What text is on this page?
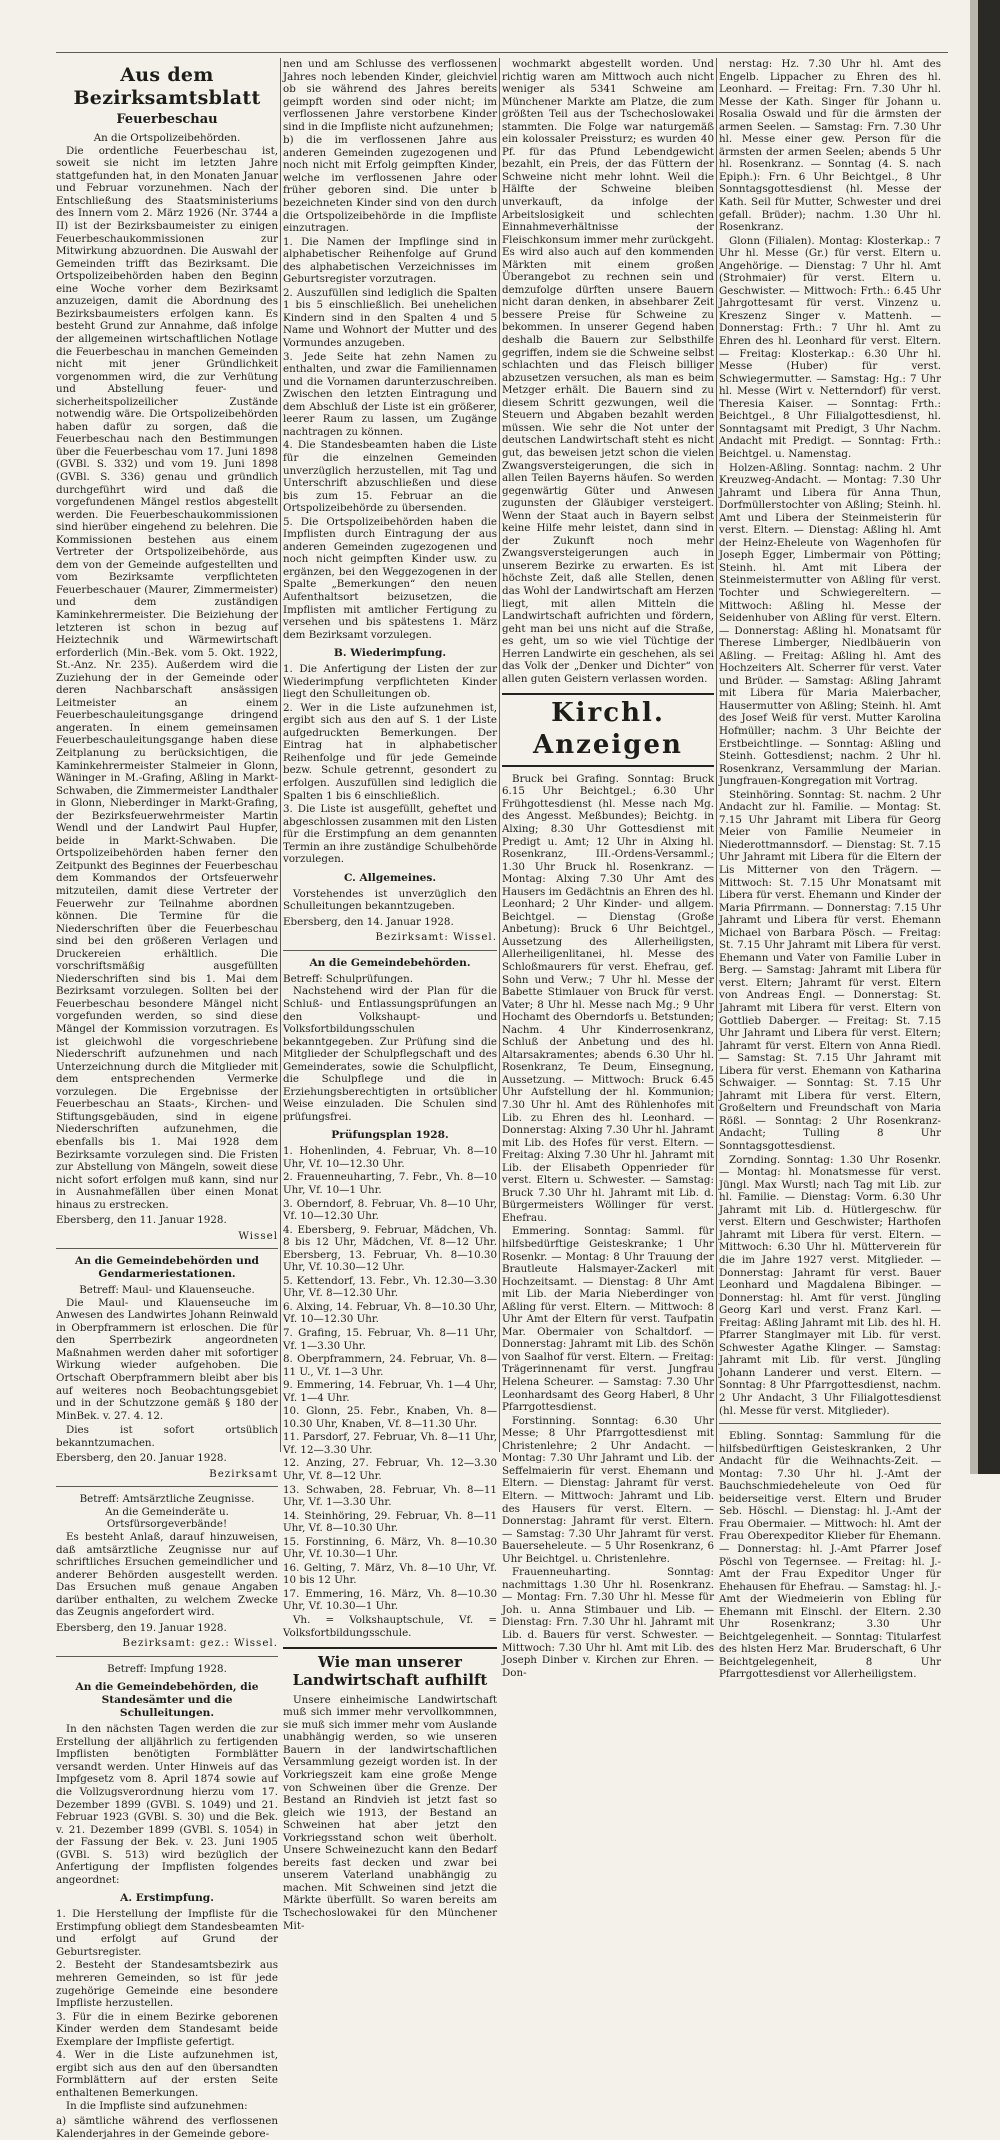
Aus dem Bezirksamtsblatt
Feuerbeschau
An die Ortspolizeibehörden.

Die ordentliche Feuerbeschau ist, soweit sie nicht im letzten Jahre stattgefunden hat, in den Monaten Januar und Februar vorzunehmen. Nach der Entschließung des Staatsministeriums des Innern vom 2. März 1926 (Nr. 3744 a II) ist der Bezirksbaumeister zu einigen Feuerbeschaukommissionen zur Mitwirkung abzuordnen. Die Auswahl der Gemeinden trifft das Bezirksamt. Die Ortspolizeibehörden haben den Beginn eine Woche vorher dem Bezirksamt anzuzeigen, damit die Abordnung des Bezirksbaumeisters erfolgen kann. Es besteht Grund zur Annahme, daß infolge der allgemeinen wirtschaftlichen Notlage die Feuerbeschau in manchen Gemeinden nicht mit jener Gründlichkeit vorgenommen wird, die zur Verhütung und Abstellung feuer- und sicherheitspolizeilicher Zustände notwendig wäre. Die Ortspolizeibehörden haben dafür zu sorgen, daß die Feuerbeschau nach den Bestimmungen über die Feuerbeschau vom 17. Juni 1898 (GVBl. S. 332) und vom 19. Juni 1898 (GVBl. S. 336) genau und gründlich durchgeführt wird und daß die vorgefundenen Mängel restlos abgestellt werden. Die Feuerbeschaukommissionen sind hierüber eingehend zu belehren. Die Kommissionen bestehen aus einem Vertreter der Ortspolizeibehörde, aus dem von der Gemeinde aufgestellten und vom Bezirksamte verpflichteten Feuerbeschauer (Maurer, Zimmermeister) und dem zuständigen Kaminkehrermeister. Die Beiziehung der letzteren ist schon in bezug auf Heiztechnik und Wärmewirtschaft erforderlich (Min.-Bek. vom 5. Okt. 1922, St.-Anz. Nr. 235). Außerdem wird die Zuziehung der in der Gemeinde oder deren Nachbarschaft ansässigen Leitmeister an einem Feuerbeschauleitungsgange dringend angeraten. In einem gemeinsamen Feuerbeschauleitungsgange haben diese Zeitplanung zu berücksichtigen, die Kaminkehrermeister Stalmeier in Glonn, Wäninger in M.-Grafing, Aßling in Markt-Schwaben, die Zimmermeister Landthaler in Glonn, Nieberdinger in Markt-Grafing, der Bezirksfeuerwehrmeister Martin Wendl und der Landwirt Paul Hupfer, beide in Markt-Schwaben. Die Ortspolizeibehörden haben ferner den Zeitpunkt des Beginnes der Feuerbeschau dem Kommandos der Ortsfeuerwehr mitzuteilen, damit diese Vertreter der Feuerwehr zur Teilnahme abordnen können. Die Termine für die Niederschriften über die Feuerbeschau sind bei den größeren Verlagen und Druckereien erhältlich. Die vorschriftsmäßig ausgefüllten Niederschriften sind bis 1. Mai dem Bezirksamt vorzulegen. Sollten bei der Feuerbeschau besondere Mängel nicht vorgefunden werden, so sind diese Mängel der Kommission vorzutragen. Es ist gleichwohl die vorgeschriebene Niederschrift aufzunehmen und nach Unterzeichnung durch die Mitglieder mit dem entsprechenden Vermerke vorzulegen. Die Ergebnisse der Feuerbeschau an Staats-, Kirchen- und Stiftungsgebäuden, sind in eigene Niederschriften aufzunehmen, die ebenfalls bis 1. Mai 1928 dem Bezirksamte vorzulegen sind. Die Fristen zur Abstellung von Mängeln, soweit diese nicht sofort erfolgen muß kann, sind nur in Ausnahmefällen über einen Monat hinaus zu erstrecken.

Ebersberg, den 11. Januar 1928.
Wissel
An die Gemeindebehörden und Gendarmeriestationen.
Betreff: Maul- und Klauenseuche.

Die Maul- und Klauenseuche im Anwesen des Landwirtes Johann Reinwald in Oberpframmern ist erloschen. Die für den Sperrbezirk angeordneten Maßnahmen werden daher mit sofortiger Wirkung wieder aufgehoben. Die Ortschaft Oberpframmern bleibt aber bis auf weiteres noch Beobachtungsgebiet und in der Schutzzone gemäß § 180 der MinBek. v. 27. 4. 12.

Dies ist sofort ortsüblich bekanntzumachen.

Ebersberg, den 20. Januar 1928.
Bezirksamt
Betreff: Amtsärztliche Zeugnisse.
An die Gemeinderäte u. Ortsfürsorgeverbände!

Es besteht Anlaß, darauf hinzuweisen, daß amtsärztliche Zeugnisse nur auf schriftliches Ersuchen gemeindlicher und anderer Behörden ausgestellt werden. Das Ersuchen muß genaue Angaben darüber enthalten, zu welchem Zwecke das Zeugnis angefordert wird.

Ebersberg, den 19. Januar 1928.
Bezirksamt: gez.: Wissel.
Betreff: Impfung 1928.
An die Gemeindebehörden, die Standesämter und die Schulleitungen.

In den nächsten Tagen werden die zur Erstellung der alljährlich zu fertigenden Impflisten benötigten Formblätter versandt werden. Unter Hinweis auf das Impfgesetz vom 8. April 1874 sowie auf die Vollzugsverordnung hierzu vom 17. Dezember 1899 (GVBl. S. 1049) und 21. Februar 1923 (GVBl. S. 30) und die Bek. v. 21. Dezember 1899 (GVBl. S. 1054) in der Fassung der Bek. v. 23. Juni 1905 (GVBl. S. 513) wird bezüglich der Anfertigung der Impflisten folgendes angeordnet:

A. Erstimpfung.
1. Die Herstellung der Impfliste für die Erstimpfung obliegt dem Standesbeamten und erfolgt auf Grund der Geburtsregister.
2. Besteht der Standesamtsbezirk aus mehreren Gemeinden, so ist für jede zugehörige Gemeinde eine besondere Impfliste herzustellen.
3. Für die in einem Bezirke geborenen Kinder werden dem Standesamt beide Exemplare der Impfliste gefertigt.
4. Wer in die Liste aufzunehmen ist, ergibt sich aus den auf den übersandten Formblättern auf der ersten Seite enthaltenen Bemerkungen.

In die Impfliste sind aufzunehmen:

a) sämtliche während des verflossenen Kalenderjahres in der Gemeinde gebore-
nen und am Schlusse des verflossenen Jahres noch lebenden Kinder, gleichviel ob sie während des Jahres bereits geimpft worden sind oder nicht; im verflossenen Jahre verstorbene Kinder sind in die Impfliste nicht aufzunehmen;
b) die im verflossenen Jahre aus anderen Gemeinden zugezogenen und noch nicht mit Erfolg geimpften Kinder, welche im verflossenen Jahre oder früher geboren sind. Die unter b bezeichneten Kinder sind von den durch die Ortspolizeibehörde in die Impfliste einzutragen.
1. Die Namen der Impflinge sind in alphabetischer Reihenfolge auf Grund des alphabetischen Verzeichnisses im Geburtsregister vorzutragen.
2. Auszufüllen sind lediglich die Spalten 1 bis 5 einschließlich. Bei unehelichen Kindern sind in den Spalten 4 und 5 Name und Wohnort der Mutter und des Vormundes anzugeben.
3. Jede Seite hat zehn Namen zu enthalten, und zwar die Familiennamen und die Vornamen darunterzuschreiben. Zwischen den letzten Eintragung und dem Abschluß der Liste ist ein größerer, leerer Raum zu lassen, um Zugänge nachtragen zu können.
4. Die Standesbeamten haben die Liste für die einzelnen Gemeinden unverzüglich herzustellen, mit Tag und Unterschrift abzuschließen und diese bis zum 15. Februar an die Ortspolizeibehörde zu übersenden.
5. Die Ortspolizeibehörden haben die Impflisten durch Eintragung der aus anderen Gemeinden zugezogenen und noch nicht geimpften Kinder usw. zu ergänzen, bei den Weggezogenen in der Spalte „Bemerkungen“ den neuen Aufenthaltsort beizusetzen, die Impflisten mit amtlicher Fertigung zu versehen und bis spätestens 1. März dem Bezirksamt vorzulegen.
B. Wiederimpfung.
1. Die Anfertigung der Listen der zur Wiederimpfung verpflichteten Kinder liegt den Schulleitungen ob.
2. Wer in die Liste aufzunehmen ist, ergibt sich aus den auf S. 1 der Liste aufgedruckten Bemerkungen. Der Eintrag hat in alphabetischer Reihenfolge und für jede Gemeinde bezw. Schule getrennt, gesondert zu erfolgen. Auszufüllen sind lediglich die Spalten 1 bis 6 einschließlich.
3. Die Liste ist ausgefüllt, geheftet und abgeschlossen zusammen mit den Listen für die Erstimpfung an dem genannten Termin an ihre zuständige Schulbehörde vorzulegen.
C. Allgemeines.

Vorstehendes ist unverzüglich den Schulleitungen bekanntzugeben.

Ebersberg, den 14. Januar 1928.
Bezirksamt: Wissel.
An die Gemeindebehörden.
Betreff: Schulprüfungen.

Nachstehend wird der Plan für die Schluß- und Entlassungsprüfungen an den Volkshaupt- und Volksfortbildungsschulen bekanntgegeben. Zur Prüfung sind die Mitglieder der Schulpflegschaft und des Gemeinderates, sowie die Schulpflicht, die Schulpflege und die in Erziehungsberechtigten in ortsüblicher Weise einzuladen. Die Schulen sind prüfungsfrei.

Prüfungsplan 1928.
1. Hohenlinden, 4. Februar, Vh. 8—10 Uhr, Vf. 10—12.30 Uhr.
2. Frauenneuharting, 7. Febr., Vh. 8—10 Uhr, Vf. 10—1 Uhr.
3. Oberndorf, 8. Februar, Vh. 8—10 Uhr, Vf. 10—12.30 Uhr.
4. Ebersberg, 9. Februar, Mädchen, Vh. 8 bis 12 Uhr, Mädchen, Vf. 8—12 Uhr. Ebersberg, 13. Februar, Vh. 8—10.30 Uhr, Vf. 10.30—12 Uhr.
5. Kettendorf, 13. Febr., Vh. 12.30—3.30 Uhr, Vf. 8—12.30 Uhr.
6. Alxing, 14. Februar, Vh. 8—10.30 Uhr, Vf. 10—12.30 Uhr.
7. Grafing, 15. Februar, Vh. 8—11 Uhr, Vf. 1—3.30 Uhr.
8. Oberpframmern, 24. Februar, Vh. 8—11 U., Vf. 1—3 Uhr.
9. Emmering, 14. Februar, Vh. 1—4 Uhr, Vf. 1—4 Uhr.
10. Glonn, 25. Febr., Knaben, Vh. 8—10.30 Uhr, Knaben, Vf. 8—11.30 Uhr.
11. Parsdorf, 27. Februar, Vh. 8—11 Uhr, Vf. 12—3.30 Uhr.
12. Anzing, 27. Februar, Vh. 12—3.30 Uhr, Vf. 8—12 Uhr.
13. Schwaben, 28. Februar, Vh. 8—11 Uhr, Vf. 1—3.30 Uhr.
14. Steinhöring, 29. Februar, Vh. 8—11 Uhr, Vf. 8—10.30 Uhr.
15. Forstinning, 6. März, Vh. 8—10.30 Uhr, Vf. 10.30—1 Uhr.
16. Gelting, 7. März, Vh. 8—10 Uhr, Vf. 10 bis 12 Uhr.
17. Emmering, 16. März, Vh. 8—10.30 Uhr, Vf. 10.30—1 Uhr.

Vh. = Volkshauptschule, Vf. = Volksfortbildungsschule.

Wie man unserer Landwirtschaft aufhilft

Unsere einheimische Landwirtschaft muß sich immer mehr vervollkommnen, sie muß sich immer mehr vom Auslande unabhängig werden, so wie unseren Bauern in der landwirtschaftlichen Versammlung gezeigt worden ist. In der Vorkriegszeit kam eine große Menge von Schweinen über die Grenze. Der Bestand an Rindvieh ist jetzt fast so gleich wie 1913, der Bestand an Schweinen hat aber jetzt den Vorkriegsstand schon weit überholt. Unsere Schweinezucht kann den Bedarf bereits fast decken und zwar bei unserem Vaterland unabhängig zu machen. Mit Schweinen sind jetzt die Märkte überfüllt. So waren bereits am Tschechoslowakei für den Münchener Mit-

wochmarkt abgestellt worden. Und richtig waren am Mittwoch auch nicht weniger als 5341 Schweine am Münchener Markte am Platze, die zum größten Teil aus der Tschechoslowakei stammten. Die Folge war naturgemäß ein kolossaler Preissturz; es wurden 40 Pf. für das Pfund Lebendgewicht bezahlt, ein Preis, der das Füttern der Schweine nicht mehr lohnt. Weil die Hälfte der Schweine bleiben unverkauft, da infolge der Arbeitslosigkeit und schlechten Einnahmeverhältnisse der Fleischkonsum immer mehr zurückgeht. Es wird also auch auf den kommenden Märkten mit einem großen Überangebot zu rechnen sein und demzufolge dürften unsere Bauern nicht daran denken, in absehbarer Zeit bessere Preise für Schweine zu bekommen. In unserer Gegend haben deshalb die Bauern zur Selbsthilfe gegriffen, indem sie die Schweine selbst schlachten und das Fleisch billiger abzusetzen versuchen, als man es beim Metzger erhält. Die Bauern sind zu diesem Schritt gezwungen, weil die Steuern und Abgaben bezahlt werden müssen. Wie sehr die Not unter der deutschen Landwirtschaft steht es nicht gut, das beweisen jetzt schon die vielen Zwangsversteigerungen, die sich in allen Teilen Bayerns häufen. So werden gegenwärtig Güter und Anwesen zugunsten der Gläubiger versteigert. Wenn der Staat auch in Bayern selbst keine Hilfe mehr leistet, dann sind in der Zukunft noch mehr Zwangsversteigerungen auch in unserem Bezirke zu erwarten. Es ist höchste Zeit, daß alle Stellen, denen das Wohl der Landwirtschaft am Herzen liegt, mit allen Mitteln die Landwirtschaft aufrichten und fördern, geht man bei uns nicht auf die Straße, es geht, um so wie viel Tüchtige der Herren Landwirte ein geschehen, als sei das Volk der „Denker und Dichter“ von allen guten Geistern verlassen worden.

Kirchl. Anzeigen

Bruck bei Grafing. Sonntag: Bruck 6.15 Uhr Beichtgel.; 6.30 Uhr Frühgottesdienst (hl. Messe nach Mg. des Angesst. Meßbundes); Beichtg. in Alxing; 8.30 Uhr Gottesdienst mit Predigt u. Amt; 12 Uhr in Alxing hl. Rosenkranz, III.-Ordens-Versamml.; 1.30 Uhr Bruck hl. Rosenkranz. — Montag: Alxing 7.30 Uhr Amt des Hausers im Gedächtnis an Ehren des hl. Leonhard; 2 Uhr Kinder- und allgem. Beichtgel. — Dienstag (Große Anbetung): Bruck 6 Uhr Beichtgel., Aussetzung des Allerheiligsten, Allerheiligenlitanei, hl. Messe des Schloßmaurers für verst. Ehefrau, gef. Sohn und Verw.; 7 Uhr hl. Messe der Babette Stimlauer von Bruck für verst. Vater; 8 Uhr hl. Messe nach Mg.; 9 Uhr Hochamt des Oberndorfs u. Betstunden; Nachm. 4 Uhr Kinderrosenkranz, Schluß der Anbetung und des hl. Altarsakramentes; abends 6.30 Uhr hl. Rosenkranz, Te Deum, Einsegnung, Aussetzung. — Mittwoch: Bruck 6.45 Uhr Aufstellung der hl. Kommunion; 7.30 Uhr hl. Amt des Rühlenhofes mit Lib. zu Ehren des hl. Leonhard. — Donnerstag: Alxing 7.30 Uhr hl. Jahramt mit Lib. des Hofes für verst. Eltern. — Freitag: Alxing 7.30 Uhr hl. Jahramt mit Lib. der Elisabeth Oppenrieder für verst. Eltern u. Schwester. — Samstag: Bruck 7.30 Uhr hl. Jahramt mit Lib. d. Bürgermeisters Wöllinger für verst. Ehefrau.

Emmering. Sonntag: Samml. für hilfsbedürftige Geisteskranke; 1 Uhr Rosenkr. — Montag: 8 Uhr Trauung der Brautleute Halsmayer-Zackerl mit Hochzeitsamt. — Dienstag: 8 Uhr Amt mit Lib. der Maria Nieberdinger von Aßling für verst. Eltern. — Mittwoch: 8 Uhr Amt der Eltern für verst. Taufpatin Mar. Obermaier von Schaltdorf. — Donnerstag: Jahramt mit Lib. des Schön von Saalhof für verst. Eltern. — Freitag: Trägerinnenamt für verst. Jungfrau Helena Scheurer. — Samstag: 7.30 Uhr Leonhardsamt des Georg Haberl, 8 Uhr Pfarrgottesdienst.

Forstinning. Sonntag: 6.30 Uhr Messe; 8 Uhr Pfarrgottesdienst mit Christenlehre; 2 Uhr Andacht. — Montag: 7.30 Uhr Jahramt und Lib. der Seffelmaierin für verst. Ehemann und Eltern. — Dienstag: Jahramt für verst. Eltern. — Mittwoch: Jahramt und Lib. des Hausers für verst. Eltern. — Donnerstag: Jahramt für verst. Eltern. — Samstag: 7.30 Uhr Jahramt für verst. Bauerseheleute. — 5 Uhr Rosenkranz, 6 Uhr Beichtgel. u. Christenlehre.

Frauenneuharting. Sonntag: nachmittags 1.30 Uhr hl. Rosenkranz. — Montag: Frn. 7.30 Uhr hl. Messe für Joh. u. Anna Stimbauer und Lib. — Dienstag: Frn. 7.30 Uhr hl. Jahramt mit Lib. d. Bauers für verst. Schwester. — Mittwoch: 7.30 Uhr hl. Amt mit Lib. des Joseph Dinber v. Kirchen zur Ehren. — Don-

nerstag: Hz. 7.30 Uhr hl. Amt des Engelb. Lippacher zu Ehren des hl. Leonhard. — Freitag: Frn. 7.30 Uhr hl. Messe der Kath. Singer für Johann u. Rosalia Oswald und für die ärmsten der armen Seelen. — Samstag: Frn. 7.30 Uhr hl. Messe einer gew. Person für die ärmsten der armen Seelen; abends 5 Uhr hl. Rosenkranz. — Sonntag (4. S. nach Epiph.): Frn. 6 Uhr Beichtgel., 8 Uhr Sonntagsgottesdienst (hl. Messe der Kath. Seil für Mutter, Schwester und drei gefall. Brüder); nachm. 1.30 Uhr hl. Rosenkranz.

Glonn (Filialen). Montag: Klosterkap.: 7 Uhr hl. Messe (Gr.) für verst. Eltern u. Angehörige. — Dienstag: 7 Uhr hl. Amt (Strohmaier) für verst. Eltern u. Geschwister. — Mittwoch: Frth.: 6.45 Uhr Jahrgottesamt für verst. Vinzenz u. Kreszenz Singer v. Mattenh. — Donnerstag: Frth.: 7 Uhr hl. Amt zu Ehren des hl. Leonhard für verst. Eltern. — Freitag: Klosterkap.: 6.30 Uhr hl. Messe (Huber) für verst. Schwiegermutter. — Samstag: Hg.: 7 Uhr hl. Messe (Wirt v. Netterndorf) für verst. Theresia Kaiser. — Sonntag: Frth.: Beichtgel., 8 Uhr Filialgottesdienst, hl. Sonntagsamt mit Predigt, 3 Uhr Nachm. Andacht mit Predigt. — Sonntag: Frth.: Beichtgel. u. Namenstag.

Holzen-Aßling. Sonntag: nachm. 2 Uhr Kreuzweg-Andacht. — Montag: 7.30 Uhr Jahramt und Libera für Anna Thun, Dorfmüllerstochter von Aßling; Steinh. hl. Amt und Libera der Steinmeisterin für verst. Eltern. — Dienstag: Aßling hl. Amt der Heinz-Eheleute von Wagenhofen für Joseph Egger, Limbermair von Pötting; Steinh. hl. Amt mit Libera der Steinmeistermutter von Aßling für verst. Tochter und Schwiegereltern. — Mittwoch: Aßling hl. Messe der Seidenhuber von Aßling für verst. Eltern. — Donnerstag: Aßling hl. Monatsamt für Therese Limberger, Niedlbäuerin von Aßling. — Freitag: Aßling hl. Amt des Hochzeiters Alt. Scherrer für verst. Vater und Brüder. — Samstag: Aßling Jahramt mit Libera für Maria Maierbacher, Hausermutter von Aßling; Steinh. hl. Amt des Josef Weiß für verst. Mutter Karolina Hofmüller; nachm. 3 Uhr Beichte der Erstbeichtlinge. — Sonntag: Aßling und Steinh. Gottesdienst; nachm. 2 Uhr hl. Rosenkranz, Versammlung der Marian. Jungfrauen-Kongregation mit Vortrag.

Steinhöring. Sonntag: St. nachm. 2 Uhr Andacht zur hl. Familie. — Montag: St. 7.15 Uhr Jahramt mit Libera für Georg Meier von Familie Neumeier in Niederottmannsdorf. — Dienstag: St. 7.15 Uhr Jahramt mit Libera für die Eltern der Lis Mitterner von den Trägern. — Mittwoch: St. 7.15 Uhr Monatsamt mit Libera für verst. Ehemann und Kinder der Maria Pfirrmann. — Donnerstag: 7.15 Uhr Jahramt und Libera für verst. Ehemann Michael von Barbara Pösch. — Freitag: St. 7.15 Uhr Jahramt mit Libera für verst. Ehemann und Vater von Familie Luber in Berg. — Samstag: Jahramt mit Libera für verst. Eltern; Jahramt für verst. Eltern von Andreas Engl. — Donnerstag: St. Jahramt mit Libera für verst. Eltern von Gottlieb Daberger. — Freitag: St. 7.15 Uhr Jahramt und Libera für verst. Eltern; Jahramt für verst. Eltern von Anna Riedl. — Samstag: St. 7.15 Uhr Jahramt mit Libera für verst. Ehemann von Katharina Schwaiger. — Sonntag: St. 7.15 Uhr Jahramt mit Libera für verst. Eltern, Großeltern und Freundschaft von Maria Rößl. — Sonntag: 2 Uhr Rosenkranz-Andacht; Tulling 8 Uhr Sonntagsgottesdienst.

Zornding. Sonntag: 1.30 Uhr Rosenkr. — Montag: hl. Monatsmesse für verst. Jüngl. Max Wurstl; nach Tag mit Lib. zur hl. Familie. — Dienstag: Vorm. 6.30 Uhr Jahramt mit Lib. d. Hütlergeschw. für verst. Eltern und Geschwister; Harthofen Jahramt mit Libera für verst. Eltern. — Mittwoch: 6.30 Uhr hl. Mütterverein für die im Jahre 1927 verst. Mitglieder. — Donnerstag: Jahramt für verst. Bauer Leonhard und Magdalena Bibinger. — Donnerstag: hl. Amt für verst. Jüngling Georg Karl und verst. Franz Karl. — Freitag: Aßling Jahramt mit Lib. des hl. H. Pfarrer Stanglmayer mit Lib. für verst. Schwester Agathe Klinger. — Samstag: Jahramt mit Lib. für verst. Jüngling Johann Landerer und verst. Eltern. — Sonntag: 8 Uhr Pfarrgottesdienst, nachm. 2 Uhr Andacht, 3 Uhr Filialgottesdienst (hl. Messe für verst. Mitglieder).

Ebling. Sonntag: Sammlung für die hilfsbedürftigen Geisteskranken, 2 Uhr Andacht für die Weihnachts-Zeit. — Montag: 7.30 Uhr hl. J.-Amt der Bauchschmiedeheleute von Oed für beiderseitige verst. Eltern und Bruder Seb. Höschl. — Dienstag: hl. J.-Amt der Frau Obermaier. — Mittwoch: hl. Amt der Frau Oberexpeditor Klieber für Ehemann. — Donnerstag: hl. J.-Amt Pfarrer Josef Pöschl von Tegernsee. — Freitag: hl. J.-Amt der Frau Expeditor Unger für Ehehausen für Ehefrau. — Samstag: hl. J.-Amt der Wiedmeierin von Ebling für Ehemann mit Einschl. der Eltern. 2.30 Uhr Rosenkranz; 3.30 Uhr Beichtgelegenheit. — Sonntag: Titularfest des hlsten Herz Mar. Bruderschaft, 6 Uhr Beichtgelegenheit, 8 Uhr Pfarrgottesdienst vor Allerheiligstem.
